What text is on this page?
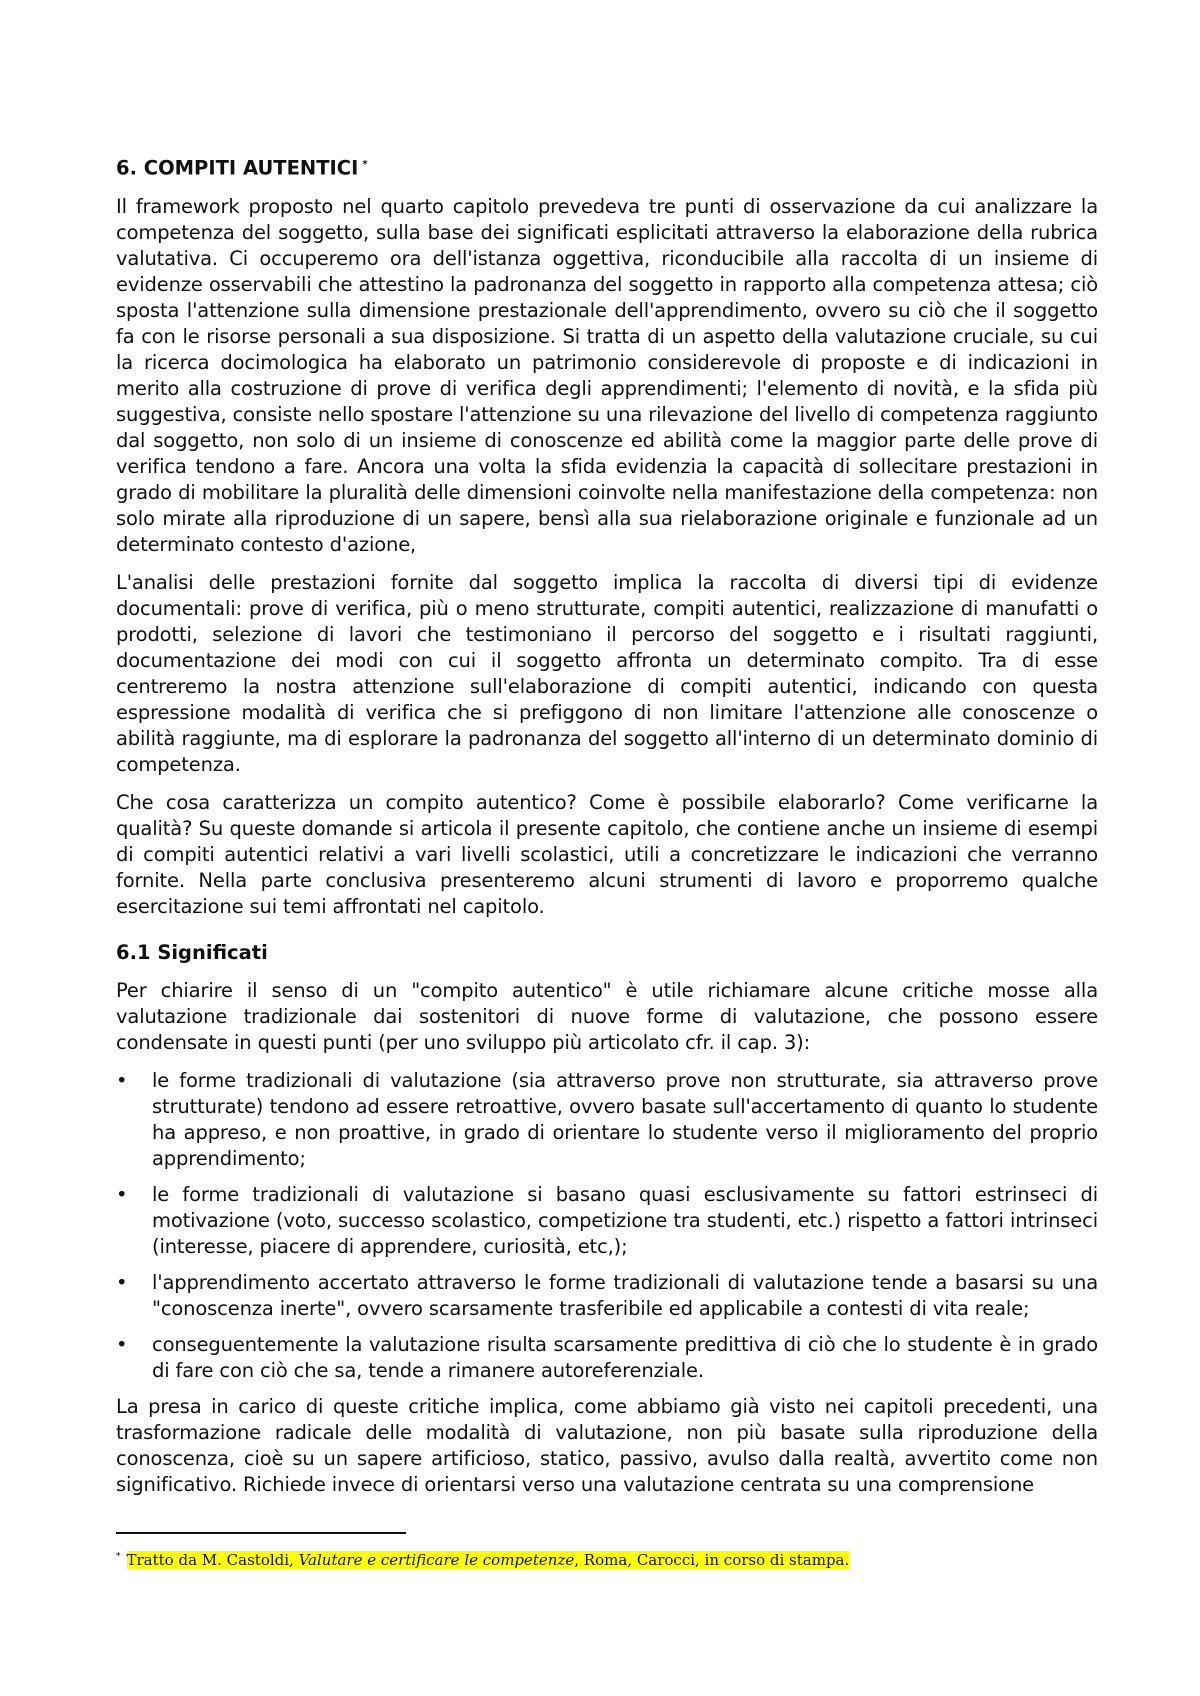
6. COMPITI AUTENTICI *

Il framework proposto nel quarto capitolo prevedeva tre punti di osservazione da cui analizzare la competenza del soggetto, sulla base dei significati esplicitati attraverso la elaborazione della rubrica valutativa. Ci occuperemo ora dell'istanza oggettiva, riconducibile alla raccolta di un insieme di evidenze osservabili che attestino la padronanza del soggetto in rapporto alla competenza attesa; ciò sposta l'attenzione sulla dimensione prestazionale dell'apprendimento, ovvero su ciò che il soggetto fa con le risorse personali a sua disposizione. Si tratta di un aspetto della valutazione cruciale, su cui la ricerca docimologica ha elaborato un patrimonio considerevole di proposte e di indicazioni in merito alla costruzione di prove di verifica degli apprendimenti; l'elemento di novità, e la sfida più suggestiva, consiste nello spostare l'attenzione su una rilevazione del livello di competenza raggiunto dal soggetto, non solo di un insieme di conoscenze ed abilità come la maggior parte delle prove di verifica tendono a fare. Ancora una volta la sfida evidenzia la capacità di sollecitare prestazioni in grado di mobilitare la pluralità delle dimensioni coinvolte nella manifestazione della competenza: non solo mirate alla riproduzione di un sapere, bensì alla sua rielaborazione originale e funzionale ad un determinato contesto d'azione,

L'analisi delle prestazioni fornite dal soggetto implica la raccolta di diversi tipi di evidenze documentali: prove di verifica, più o meno strutturate, compiti autentici, realizzazione di manufatti o prodotti, selezione di lavori che testimoniano il percorso del soggetto e i risultati raggiunti, documentazione dei modi con cui il soggetto affronta un determinato compito. Tra di esse centreremo la nostra attenzione sull'elaborazione di compiti autentici, indicando con questa espressione modalità di verifica che si prefiggono di non limitare l'attenzione alle conoscenze o abilità raggiunte, ma di esplorare la padronanza del soggetto all'interno di un determinato dominio di competenza.

Che cosa caratterizza un compito autentico? Come è possibile elaborarlo? Come verificarne la qualità? Su queste domande si articola il presente capitolo, che contiene anche un insieme di esempi di compiti autentici relativi a vari livelli scolastici, utili a concretizzare le indicazioni che verranno fornite. Nella parte conclusiva presenteremo alcuni strumenti di lavoro e proporremo qualche esercitazione sui temi affrontati nel capitolo.

6.1 Significati

Per chiarire il senso di un "compito autentico" è utile richiamare alcune critiche mosse alla valutazione tradizionale dai sostenitori di nuove forme di valutazione, che possono essere condensate in questi punti (per uno sviluppo più articolato cfr. il cap. 3):

• le forme tradizionali di valutazione (sia attraverso prove non strutturate, sia attraverso prove strutturate) tendono ad essere retroattive, ovvero basate sull'accertamento di quanto lo studente ha appreso, e non proattive, in grado di orientare lo studente verso il miglioramento del proprio apprendimento;
• le forme tradizionali di valutazione si basano quasi esclusivamente su fattori estrinseci di motivazione (voto, successo scolastico, competizione tra studenti, etc.) rispetto a fattori intrinseci (interesse, piacere di apprendere, curiosità, etc,);
• l'apprendimento accertato attraverso le forme tradizionali di valutazione tende a basarsi su una "conoscenza inerte", ovvero scarsamente trasferibile ed applicabile a contesti di vita reale;
• conseguentemente la valutazione risulta scarsamente predittiva di ciò che lo studente è in grado di fare con ciò che sa, tende a rimanere autoreferenziale.

La presa in carico di queste critiche implica, come abbiamo già visto nei capitoli precedenti, una trasformazione radicale delle modalità di valutazione, non più basate sulla riproduzione della conoscenza, cioè su un sapere artificioso, statico, passivo, avulso dalla realtà, avvertito come non significativo. Richiede invece di orientarsi verso una valutazione centrata su una comprensione

* Tratto da M. Castoldi, Valutare e certificare le competenze, Roma, Carocci, in corso di stampa.
